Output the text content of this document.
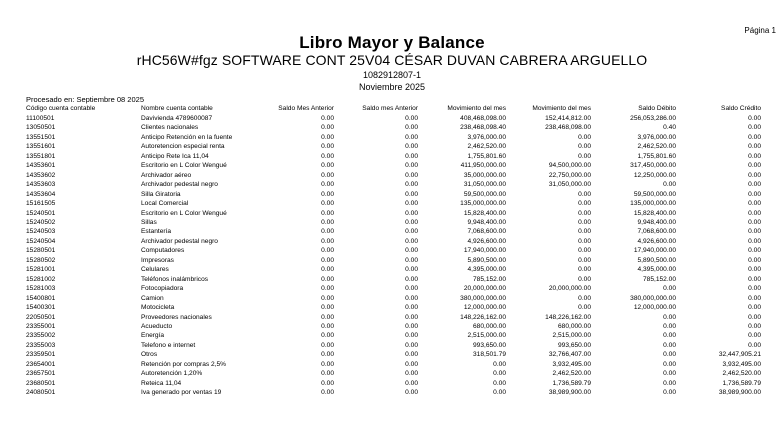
Página 1
Libro Mayor y Balance
rHC56W#fgz SOFTWARE CONT 25V04 CÉSAR DUVAN CABRERA ARGUELLO
1082912807-1
Noviembre 2025
Procesado en: Septiembre 08 2025
Código cuenta contable	Nombre cuenta contable	Saldo Mes Anterior	Saldo mes Anterior	Movimiento del mes	Movimiento del mes	Saldo Débito	Saldo Crédito
11100501	Davivienda 4789600087	0.00	0.00	408,468,098.00	152,414,812.00	256,053,286.00	0.00
13050501	Clientes nacionales	0.00	0.00	238,468,098.40	238,468,098.00	0.40	0.00
13551501	Anticipo Retención en la fuente	0.00	0.00	3,976,000.00	0.00	3,976,000.00	0.00
13551601	Autoretencion especial renta	0.00	0.00	2,462,520.00	0.00	2,462,520.00	0.00
13551801	Anticipo Rete Ica 11,04	0.00	0.00	1,755,801.60	0.00	1,755,801.60	0.00
14353601	Escritorio en L Color Wengué	0.00	0.00	411,950,000.00	94,500,000.00	317,450,000.00	0.00
14353602	Archivador aéreo	0.00	0.00	35,000,000.00	22,750,000.00	12,250,000.00	0.00
14353603	Archivador pedestal negro	0.00	0.00	31,050,000.00	31,050,000.00	0.00	0.00
14353604	Silla Giratoria	0.00	0.00	59,500,000.00	0.00	59,500,000.00	0.00
15161505	Local Comercial	0.00	0.00	135,000,000.00	0.00	135,000,000.00	0.00
15240501	Escritorio en L Color Wengué	0.00	0.00	15,828,400.00	0.00	15,828,400.00	0.00
15240502	Sillas	0.00	0.00	9,948,400.00	0.00	9,948,400.00	0.00
15240503	Estantería	0.00	0.00	7,068,600.00	0.00	7,068,600.00	0.00
15240504	Archivador pedestal negro	0.00	0.00	4,926,600.00	0.00	4,926,600.00	0.00
15280501	Computadores	0.00	0.00	17,940,000.00	0.00	17,940,000.00	0.00
15280502	Impresoras	0.00	0.00	5,890,500.00	0.00	5,890,500.00	0.00
15281001	Celulares	0.00	0.00	4,395,000.00	0.00	4,395,000.00	0.00
15281002	Teléfonos inalámbricos	0.00	0.00	785,152.00	0.00	785,152.00	0.00
15281003	Fotocopiadora	0.00	0.00	20,000,000.00	20,000,000.00	0.00	0.00
15400801	Camion	0.00	0.00	380,000,000.00	0.00	380,000,000.00	0.00
15400301	Motocicleta	0.00	0.00	12,000,000.00	0.00	12,000,000.00	0.00
22050501	Proveedores nacionales	0.00	0.00	148,226,162.00	148,226,162.00	0.00	0.00
23355001	Acueducto	0.00	0.00	680,000.00	680,000.00	0.00	0.00
23355002	Energía	0.00	0.00	2,515,000.00	2,515,000.00	0.00	0.00
23355003	Telefono e internet	0.00	0.00	993,650.00	993,650.00	0.00	0.00
23359501	Otros	0.00	0.00	318,501.79	32,766,407.00	0.00	32,447,905.21
23654001	Retención por compras 2,5%	0.00	0.00	0.00	3,932,495.00	0.00	3,932,495.00
23657501	Autoretención 1,20%	0.00	0.00	0.00	2,462,520.00	0.00	2,462,520.00
23680501	Reteica 11,04	0.00	0.00	0.00	1,736,589.79	0.00	1,736,589.79
24080501	Iva generado por ventas 19	0.00	0.00	0.00	38,989,900.00	0.00	38,989,900.00
